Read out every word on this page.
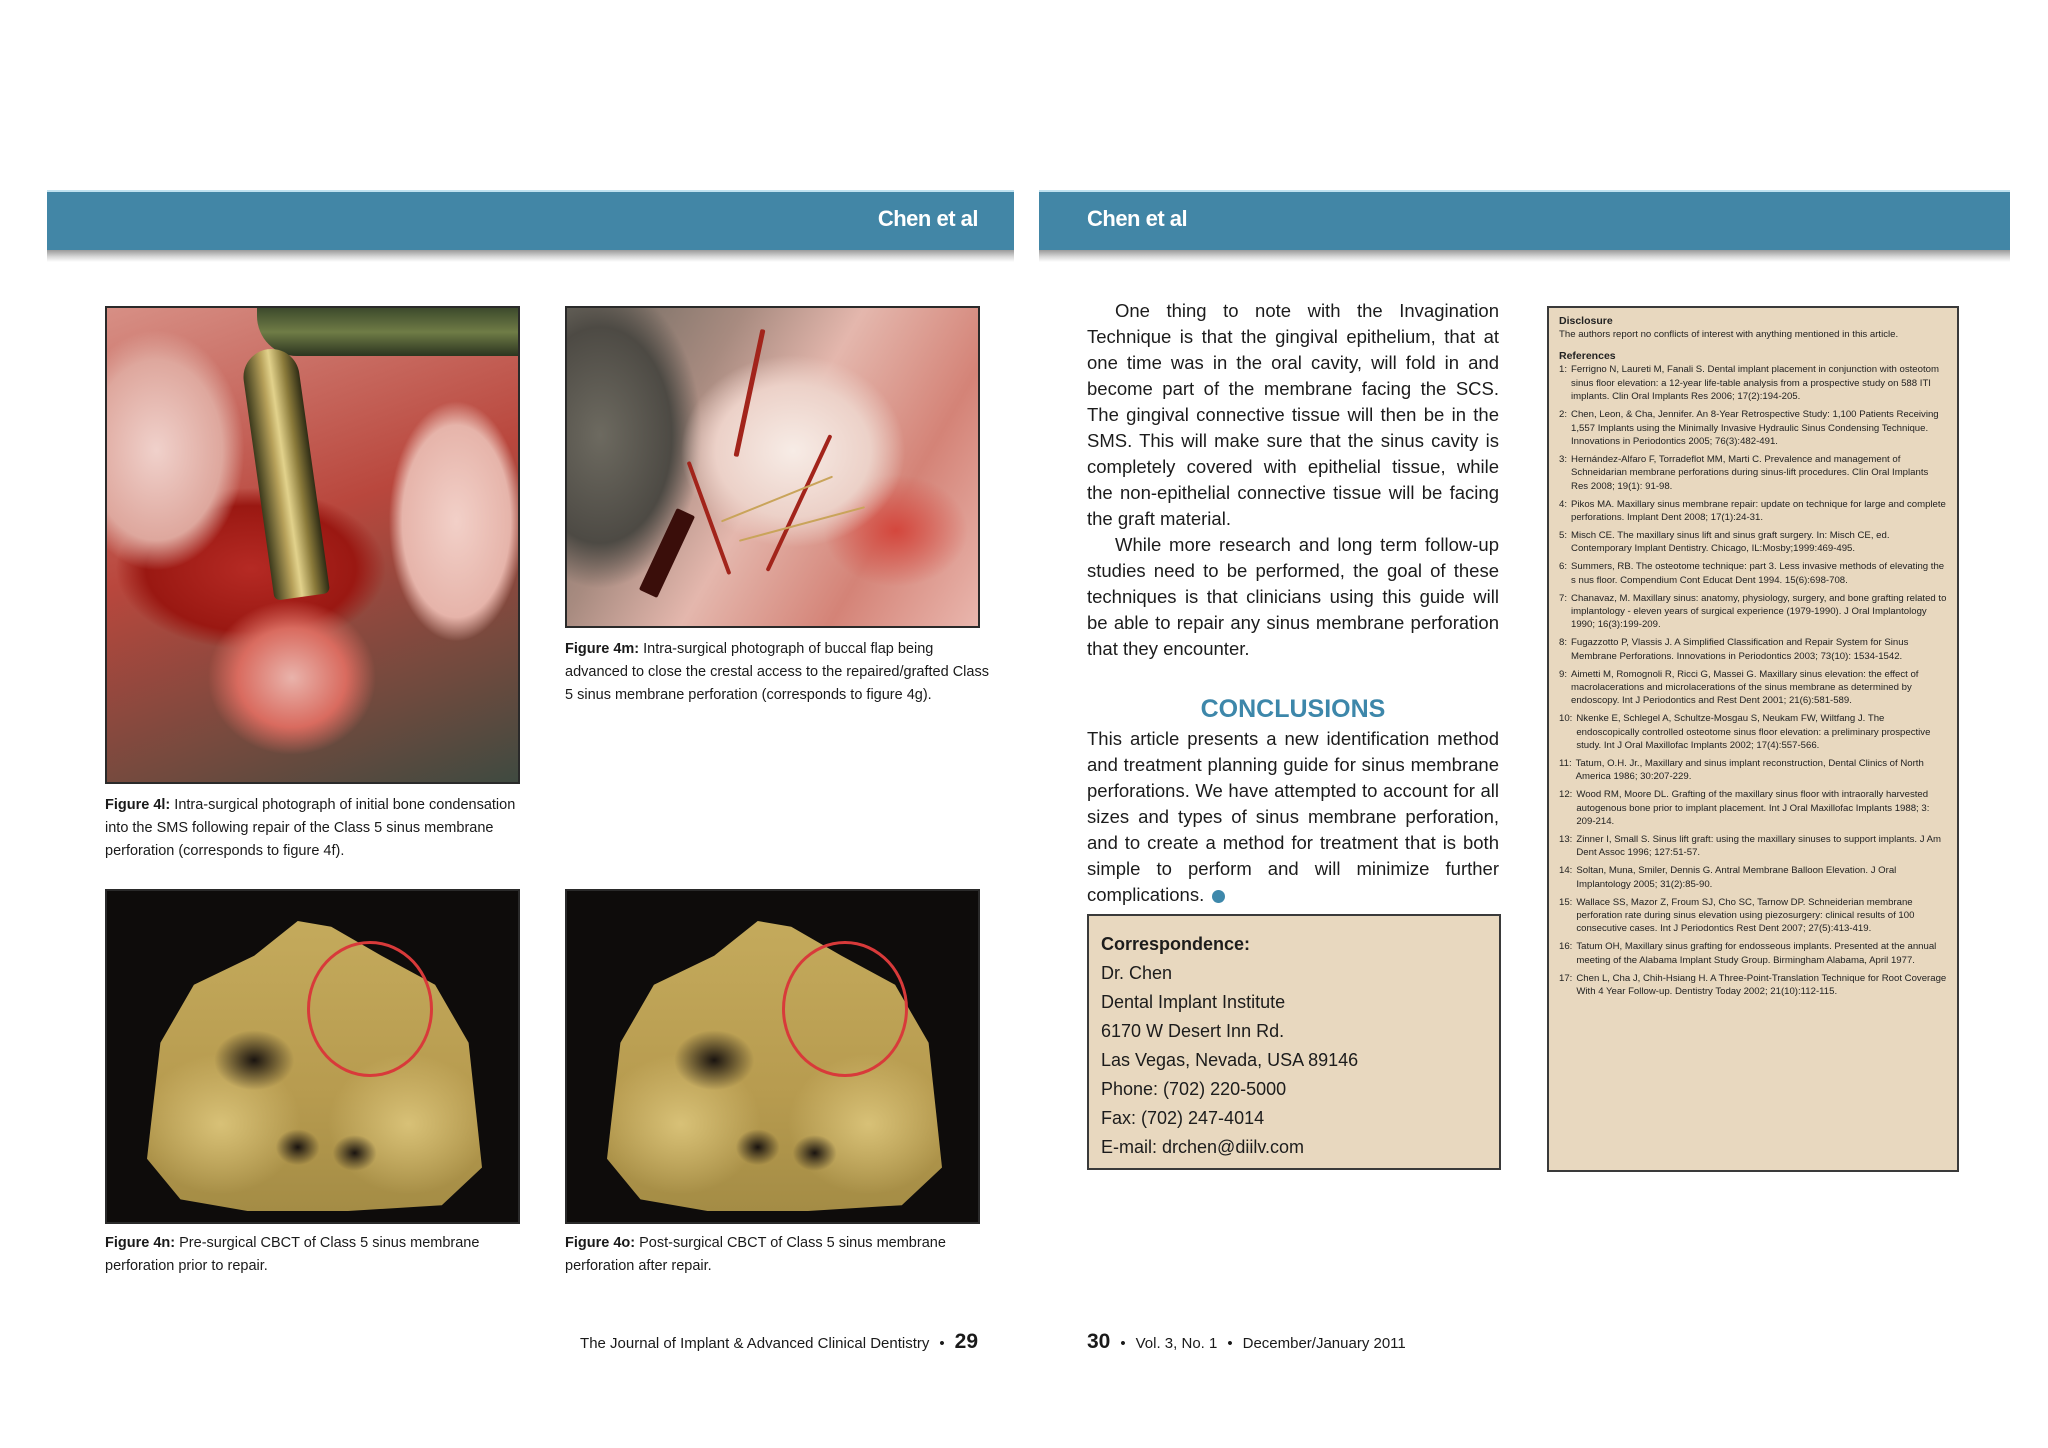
Chen et al	Chen et al
Figure 4l: Intra-surgical photograph of initial bone condensation into the SMS following repair of the Class 5 sinus membrane perforation (corresponds to figure 4f).
Figure 4m: Intra-surgical photograph of buccal flap being advanced to close the crestal access to the repaired/grafted Class 5 sinus membrane perforation (corresponds to figure 4g).
Figure 4n: Pre-surgical CBCT of Class 5 sinus membrane perforation prior to repair.
Figure 4o: Post-surgical CBCT of Class 5 sinus membrane perforation after repair.

One thing to note with the Invagination Technique is that the gingival epithelium, that at one time was in the oral cavity, will fold in and become part of the membrane facing the SCS. The gingival connective tissue will then be in the SMS. This will make sure that the sinus cavity is completely covered with epithelial tissue, while the non-epithelial connective tissue will be facing the graft material.

While more research and long term follow-up studies need to be performed, the goal of these techniques is that clinicians using this guide will be able to repair any sinus membrane perforation that they encounter.

CONCLUSIONS

This article presents a new identification method and treatment planning guide for sinus membrane perforations. We have attempted to account for all sizes and types of sinus membrane perforation, and to create a method for treatment that is both simple to perform and will minimize further complications.

Correspondence:
Dr. Chen
Dental Implant Institute
6170 W Desert Inn Rd.
Las Vegas, Nevada, USA 89146
Phone: (702) 220-5000
Fax: (702) 247-4014
E-mail: drchen@diilv.com
Disclosure
The authors report no conflicts of interest with anything mentioned in this article.
References
1: Ferrigno N, Laureti M, Fanali S. Dental implant placement in conjunction with osteotom sinus floor elevation: a 12-year life-table analysis from a prospective study on 588 ITI implants. Clin Oral Implants Res 2006; 17(2):194-205.
2: Chen, Leon, & Cha, Jennifer. An 8-Year Retrospective Study: 1,100 Patients Receiving 1,557 Implants using the Minimally Invasive Hydraulic Sinus Condensing Technique. Innovations in Periodontics 2005; 76(3):482-491.
3: Hernández-Alfaro F, Torradeflot MM, Marti C. Prevalence and management of Schneidarian membrane perforations during sinus-lift procedures. Clin Oral Implants Res 2008; 19(1): 91-98.
4: Pikos MA. Maxillary sinus membrane repair: update on technique for large and complete perforations. Implant Dent 2008; 17(1):24-31.
5: Misch CE. The maxillary sinus lift and sinus graft surgery. In: Misch CE, ed. Contemporary Implant Dentistry. Chicago, IL:Mosby;1999:469-495.
6: Summers, RB. The osteotome technique: part 3. Less invasive methods of elevating the s nus floor. Compendium Cont Educat Dent 1994. 15(6):698-708.
7: Chanavaz, M. Maxillary sinus: anatomy, physiology, surgery, and bone grafting related to implantology - eleven years of surgical experience (1979-1990). J Oral Implantology 1990; 16(3):199-209.
8: Fugazzotto P, Vlassis J. A Simplified Classification and Repair System for Sinus Membrane Perforations. Innovations in Periodontics 2003; 73(10): 1534-1542.
9: Aimetti M, Romognoli R, Ricci G, Massei G. Maxillary sinus elevation: the effect of macrolacerations and microlacerations of the sinus membrane as determined by endoscopy. Int J Periodontics and Rest Dent 2001; 21(6):581-589.
10: Nkenke E, Schlegel A, Schultze-Mosgau S, Neukam FW, Wiltfang J. The endoscopically controlled osteotome sinus floor elevation: a preliminary prospective study. Int J Oral Maxillofac Implants 2002; 17(4):557-566.
11: Tatum, O.H. Jr., Maxillary and sinus implant reconstruction, Dental Clinics of North America 1986; 30:207-229.
12: Wood RM, Moore DL. Grafting of the maxillary sinus floor with intraorally harvested autogenous bone prior to implant placement. Int J Oral Maxillofac Implants 1988; 3: 209-214.
13: Zinner I, Small S. Sinus lift graft: using the maxillary sinuses to support implants. J Am Dent Assoc 1996; 127:51-57.
14: Soltan, Muna, Smiler, Dennis G. Antral Membrane Balloon Elevation. J Oral Implantology 2005; 31(2):85-90.
15: Wallace SS, Mazor Z, Froum SJ, Cho SC, Tarnow DP. Schneiderian membrane perforation rate during sinus elevation using piezosurgery: clinical results of 100 consecutive cases. Int J Periodontics Rest Dent 2007; 27(5):413-419.
16: Tatum OH, Maxillary sinus grafting for endosseous implants. Presented at the annual meeting of the Alabama Implant Study Group. Birmingham Alabama, April 1977.
17: Chen L, Cha J, Chih-Hsiang H. A Three-Point-Translation Technique for Root Coverage With 4 Year Follow-up. Dentistry Today 2002; 21(10):112-115.
The Journal of Implant & Advanced Clinical Dentistry • 29	30 • Vol. 3, No. 1 • December/January 2011
